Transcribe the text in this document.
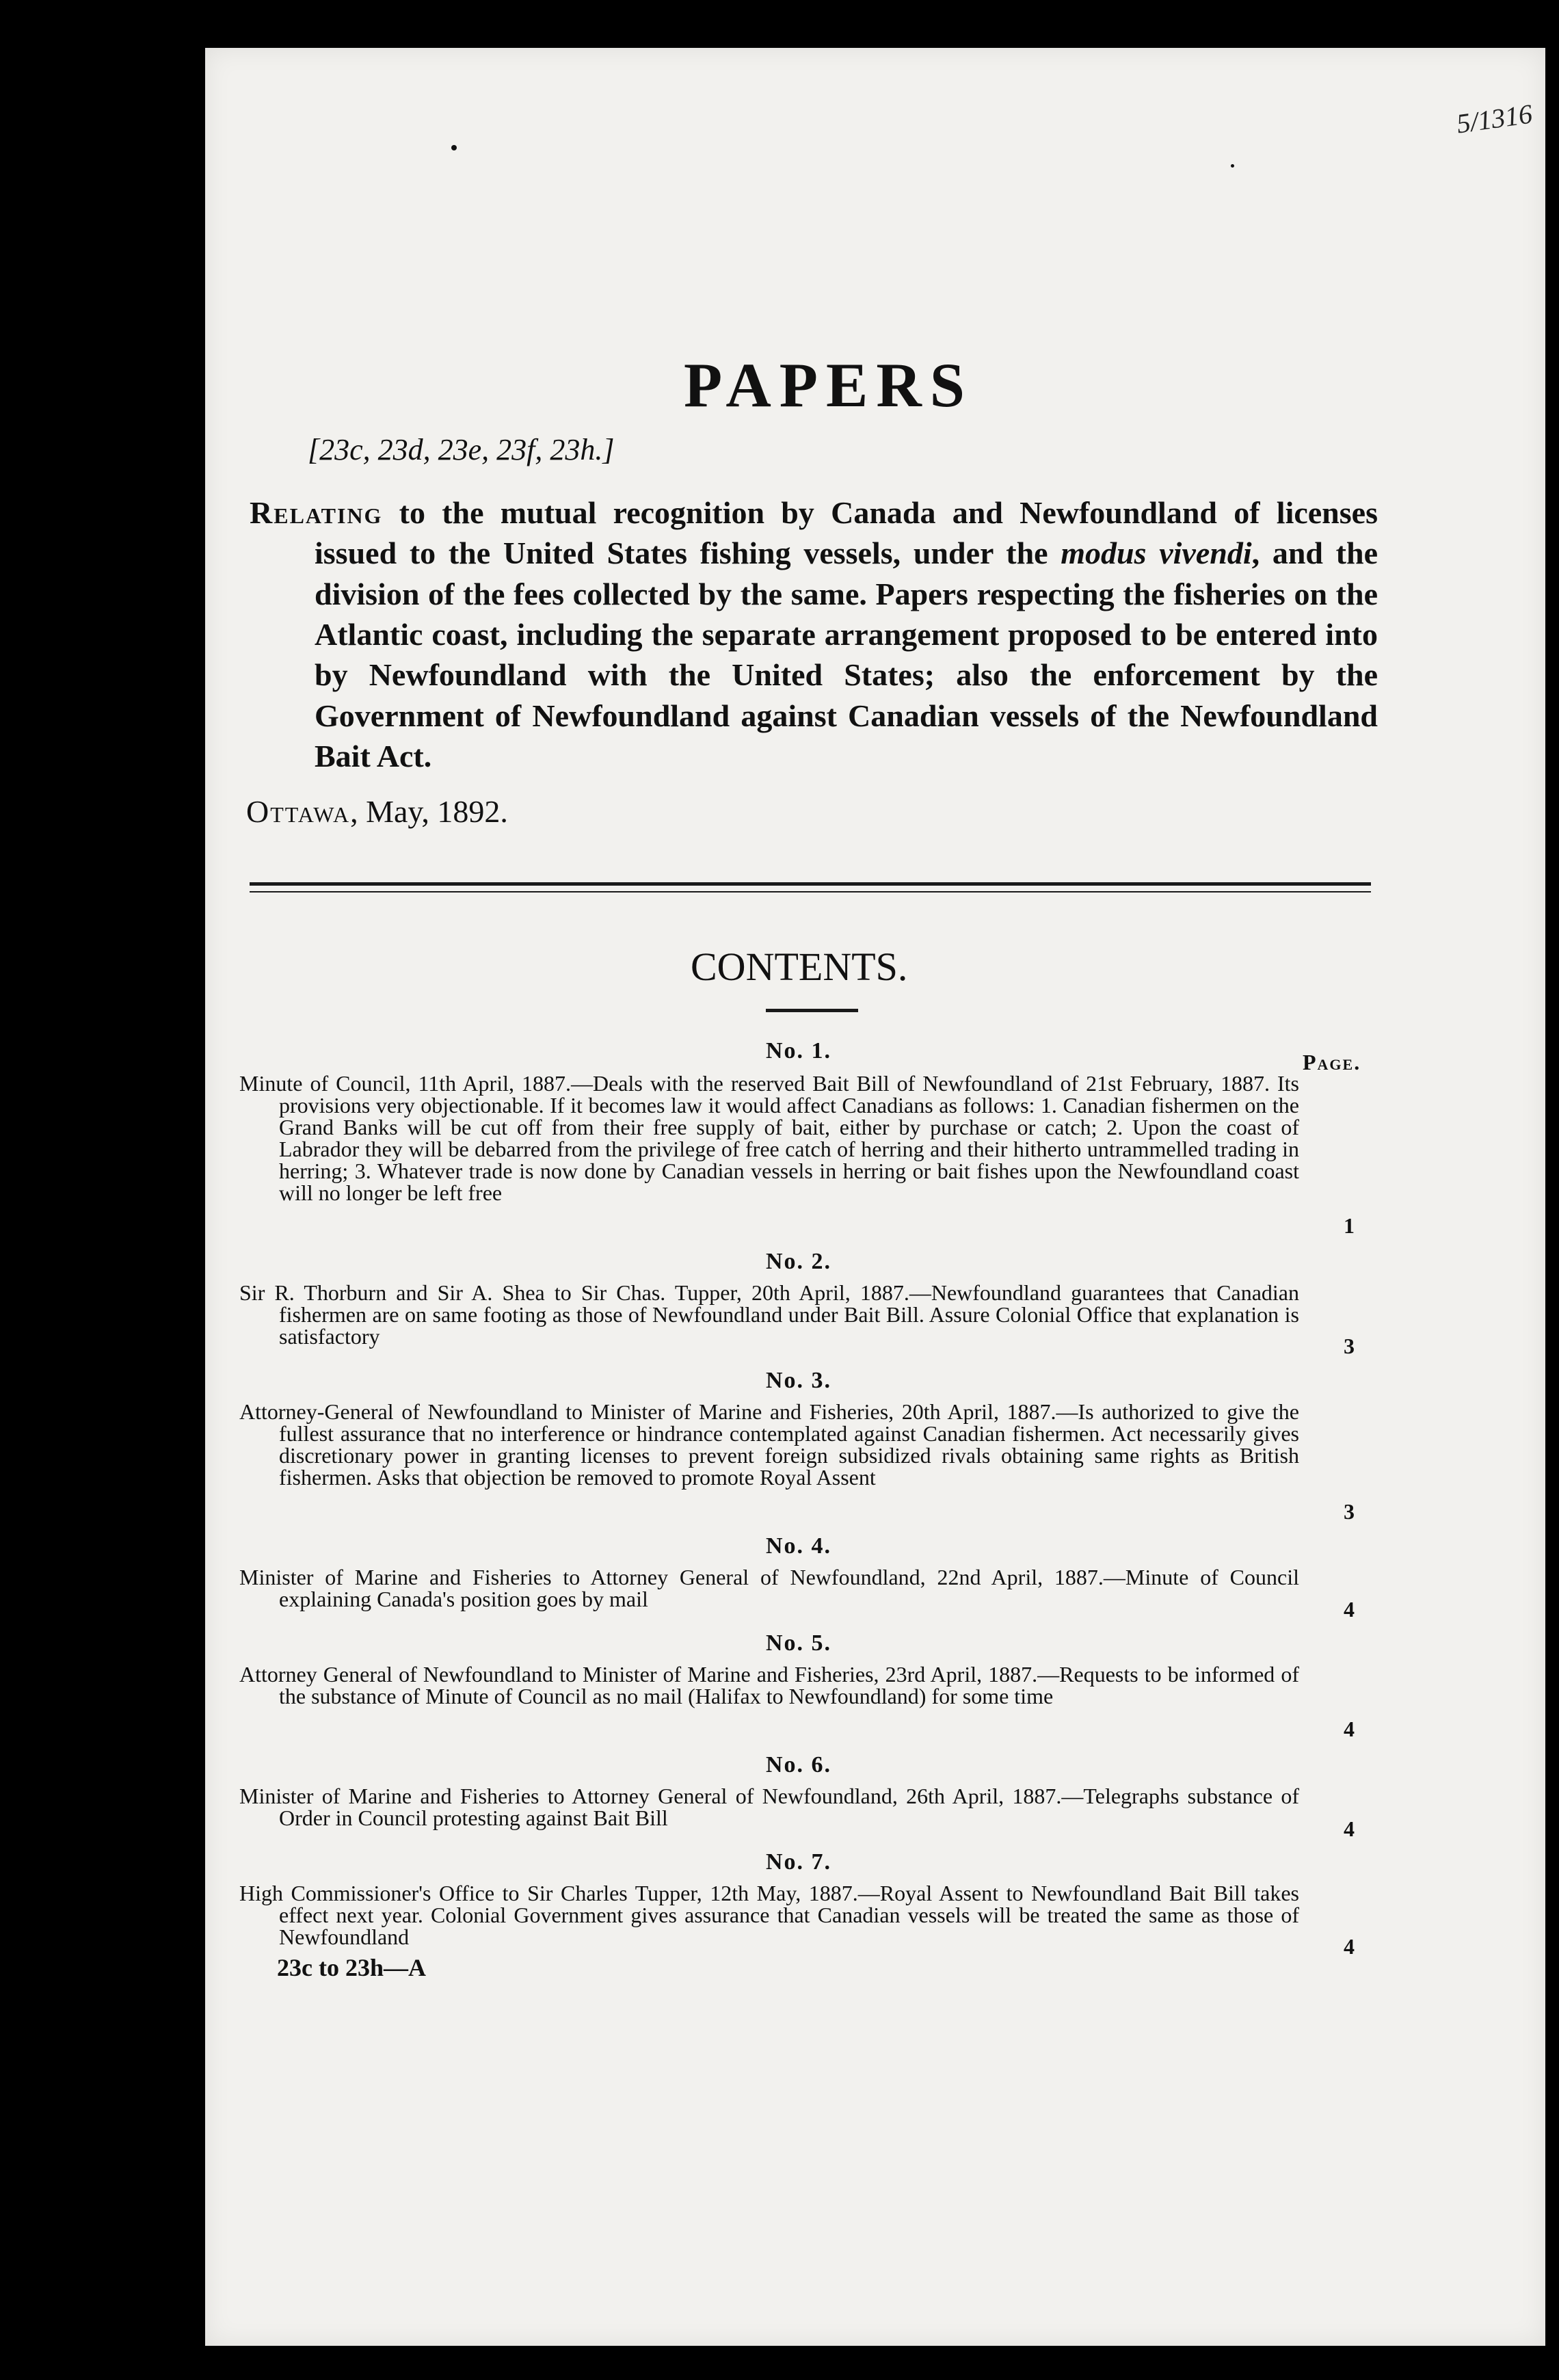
5/1316
PAPERS
[23c, 23d, 23e, 23f, 23h.]

Relating to the mutual recognition by Canada and Newfoundland of licenses issued to the United States fishing vessels, under the modus vivendi, and the division of the fees collected by the same. Papers respecting the fisheries on the Atlantic coast, including the separate arrangement proposed to be entered into by Newfoundland with the United States; also the enforcement by the Government of Newfoundland against Canadian vessels of the Newfoundland Bait Act.

Ottawa, May, 1892.
CONTENTS.
Page.
No. 1.

Minute of Council, 11th April, 1887.—Deals with the reserved Bait Bill of Newfoundland of 21st February, 1887. Its provisions very objectionable. If it becomes law it would affect Canadians as follows: 1. Canadian fishermen on the Grand Banks will be cut off from their free supply of bait, either by purchase or catch; 2. Upon the coast of Labrador they will be debarred from the privilege of free catch of herring and their hitherto untrammelled trading in herring; 3. Whatever trade is now done by Canadian vessels in herring or bait fishes upon the Newfoundland coast will no longer be left free

1
No. 2.

Sir R. Thorburn and Sir A. Shea to Sir Chas. Tupper, 20th April, 1887.—Newfoundland guarantees that Canadian fishermen are on same footing as those of Newfoundland under Bait Bill. Assure Colonial Office that explanation is satisfactory	3
No. 3.

Attorney-General of Newfoundland to Minister of Marine and Fisheries, 20th April, 1887.—Is authorized to give the fullest assurance that no interference or hindrance contemplated against Canadian fishermen. Act necessarily gives discretionary power in granting licenses to prevent foreign subsidized rivals obtaining same rights as British fishermen. Asks that objection be removed to promote Royal Assent

3
No. 4.

Minister of Marine and Fisheries to Attorney General of Newfoundland, 22nd April, 1887.—Minute of Council explaining Canada's position goes by mail	4
No. 5.

Attorney General of Newfoundland to Minister of Marine and Fisheries, 23rd April, 1887.—Requests to be informed of the substance of Minute of Council as no mail (Halifax to Newfoundland) for some time

4
No. 6.

Minister of Marine and Fisheries to Attorney General of Newfoundland, 26th April, 1887.—Telegraphs substance of Order in Council protesting against Bait Bill	4
No. 7.

High Commissioner's Office to Sir Charles Tupper, 12th May, 1887.—Royal Assent to Newfoundland Bait Bill takes effect next year. Colonial Government gives assurance that Canadian vessels will be treated the same as those of Newfoundland	4
23c to 23h—A
